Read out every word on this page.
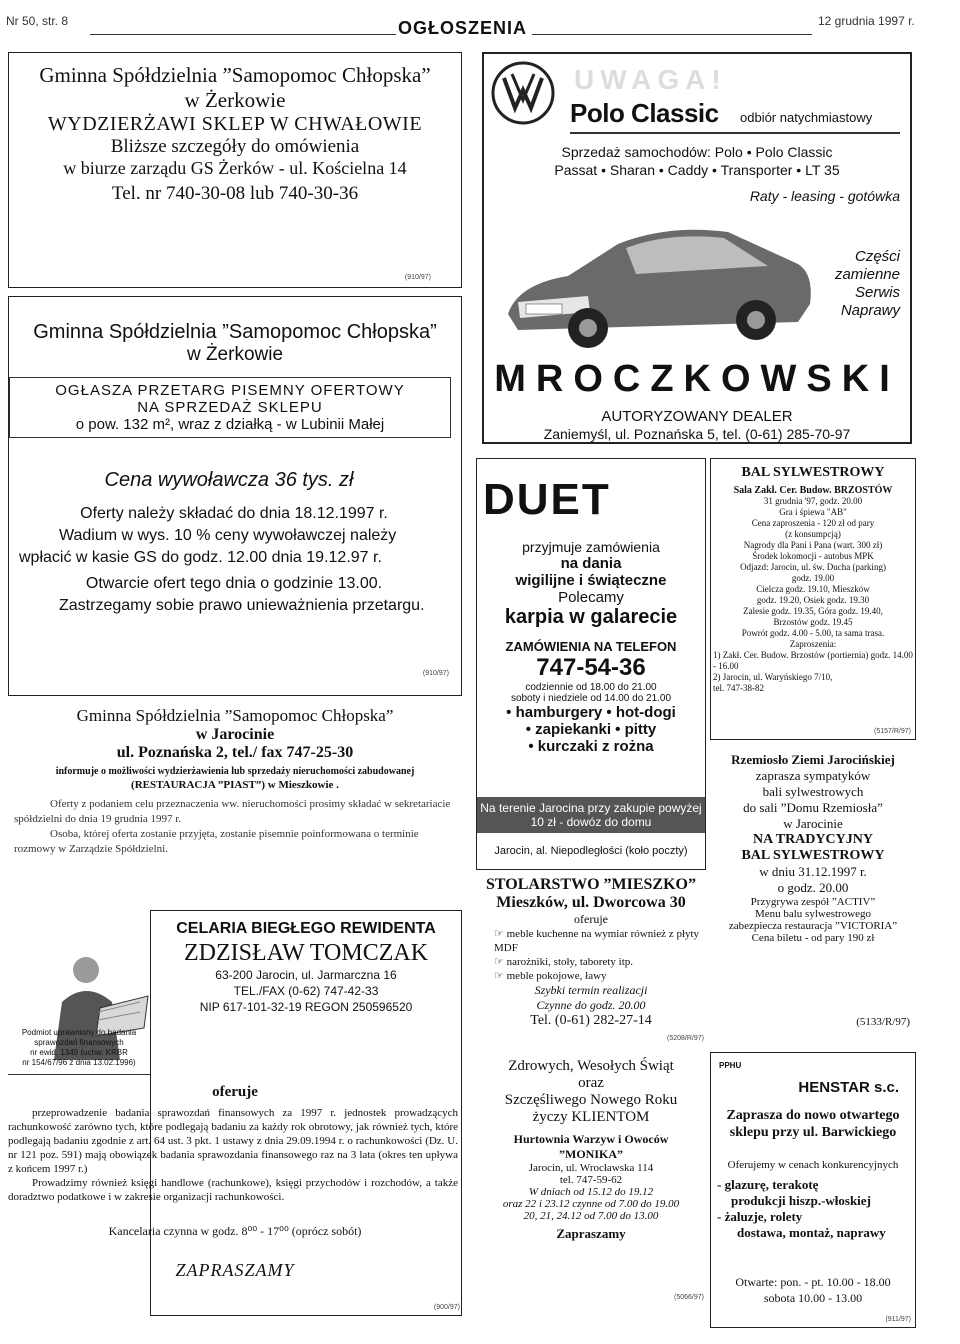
Nr 50, str. 8	OGŁOSZENIA	12 grudnia 1997 r.
Gminna Spółdzielnia ”Samopomoc Chłopska”
w Żerkowie
WYDZIERŻAWI SKLEP W CHWAŁOWIE
Bliższe szczegóły do omówienia
w biurze zarządu GS Żerków - ul. Kościelna 14
Tel. nr 740-30-08 lub 740-30-36
(910/97)
Gminna Spółdzielnia ”Samopomoc Chłopska”
w Żerkowie
OGŁASZA PRZETARG PISEMNY OFERTOWY
NA SPRZEDAŻ SKLEPU
o pow. 132 m², wraz z działką - w Lubinii Małej
Cena wywoławcza 36 tys. zł
Oferty należy składać do dnia 18.12.1997 r.
Wadium w wys. 10 % ceny wywoławczej należy wpłacić w kasie GS do godz. 12.00 dnia 19.12.97 r.
Otwarcie ofert tego dnia o godzinie 13.00.
Zastrzegamy sobie prawo unieważnienia przetargu.
(910/97)
Gminna Spółdzielnia ”Samopomoc Chłopska”
w Jarocinie
ul. Poznańska 2, tel./ fax 747-25-30
informuje o możliwości wydzierżawienia lub sprzedaży nieruchomości zabudowanej
(RESTAURACJA ”PIAST”) w Mieszkowie .
Oferty z podaniem celu przeznaczenia ww. nieruchomości prosimy składać w sekretariacie spółdzielni do dnia 19 grudnia 1997 r.
Osoba, której oferta zostanie przyjęta, zostanie pisemnie poinformowana o terminie rozmowy w Zarządzie Spółdzielni.
CELARIA BIEGŁEGO REWIDENTA
ZDZISŁAW TOMCZAK
63-200 Jarocin, ul. Jarmarczna 16
TEL./FAX (0-62) 747-42-33
NIP 617-101-32-19 REGON 250596520
Podmiot uprawniony do badania
sprawozdań finansowych
nr ewid. 1349 (uchw. KRBR
nr 154/67/96 z dnia 13.02.1996)
oferuje
przeprowadzenie badania sprawozdań finansowych za 1997 r. jednostek prowadzących rachunkowość zarówno tych, które podlegają badaniu za każdy rok obrotowy, jak również tych, które podlegają badaniu zgodnie z art. 64 ust. 3 pkt. 1 ustawy z dnia 29.09.1994 r. o rachunkowości (Dz. U. nr 121 poz. 591) mają obowiązek badania sprawozdania finansowego raz na 3 lata (okres ten upływa z końcem 1997 r.)
Prowadzimy również księgi handlowe (rachunkowe), księgi przychodów i rozchodów, a także doradztwo podatkowe i w zakresie organizacji rachunkowości.
Kancelaria czynna w godz. 8⁰⁰ - 17⁰⁰ (oprócz sobót)
ZAPRASZAMY
(900/97)
UWAGA!
Polo Classic odbiór natychmiastowy
Sprzedaż samochodów: Polo • Polo Classic
Passat • Sharan • Caddy • Transporter • LT 35
Raty - leasing - gotówka
Części
zamienne
Serwis
Naprawy
MROCZKOWSKI
AUTORYZOWANY DEALER
Zaniemyśl, ul. Poznańska 5, tel. (0-61) 285-70-97
DUET
przyjmuje zamówienia
na dania
wigilijne i świąteczne
Polecamy
karpia w galarecie
ZAMÓWIENIA NA TELEFON
747-54-36
codziennie od 18.00 do 21.00
soboty i niedziele od 14.00 do 21.00
• hamburgery • hot-dogi
• zapiekanki • pitty
• kurczaki z rożna
Na terenie Jarocina przy zakupie powyżej 10 zł - dowóz do domu
Jarocin, al. Niepodległości (koło poczty)
BAL SYLWESTROWY
Sala Zakł. Cer. Budow. BRZOSTÓW
31 grudnia '97, godz. 20.00
Gra i śpiewa "AB"
Cena zaproszenia - 120 zł od pary
(z konsumpcją)
Nagrody dla Pani i Pana (wart. 300 zł)
Środek lokomocji - autobus MPK
Odjazd: Jarocin, ul. św. Ducha (parking)
godz. 19.00
Cielcza godz. 19.10, Mieszków
godz. 19.20, Osiek godz. 19.30
Zalesie godz. 19.35, Góra godz. 19.40,
Brzostów godz. 19.45
Powrót godz. 4.00 - 5.00, ta sama trasa.
Zaproszenia:
1) Zakł. Cer. Budow. Brzostów (portiernia) godz. 14.00 - 16.00
2) Jarocin, ul. Waryńskiego 7/10,
tel. 747-38-82
(5157/R/97)
STOLARSTWO ”MIESZKO”
Mieszków, ul. Dworcowa 30
oferuje
☞ meble kuchenne na wymiar również z płyty MDF
☞ narożniki, stoły, taborety itp.
☞ meble pokojowe, ławy
Szybki termin realizacji
Czynne do godz. 20.00
Tel. (0-61) 282-27-14
(5208/R/97)
Rzemiosło Ziemi Jarocińskiej
zaprasza sympatyków
bali sylwestrowych
do sali ”Domu Rzemiosła”
w Jarocinie
NA TRADYCYJNY
BAL SYLWESTROWY
w dniu 31.12.1997 r.
o godz. 20.00
Przygrywa zespół ”ACTIV”
Menu balu sylwestrowego
zabezpiecza restauracja ”VICTORIA”
Cena biletu - od pary 190 zł
(5133/R/97)
Zdrowych, Wesołych Świąt
oraz
Szczęśliwego Nowego Roku
życzy KLIENTOM
Hurtownia Warzyw i Owoców
”MONIKA”
Jarocin, ul. Wrocławska 114
tel. 747-59-62
W dniach od 15.12 do 19.12
oraz 22 i 23.12 czynne od 7.00 do 19.00
20, 21, 24.12 od 7.00 do 13.00
Zapraszamy
(5066/97)
PPHU
HENSTAR s.c.
Zaprasza do nowo otwartego sklepu przy ul. Barwickiego
Oferujemy w cenach konkurencyjnych
- glazurę, terakotę
produkcji hiszp.-włoskiej
- żaluzje, rolety
dostawa, montaż, naprawy
Otwarte: pon. - pt. 10.00 - 18.00
sobota 10.00 - 13.00
(911/97)
